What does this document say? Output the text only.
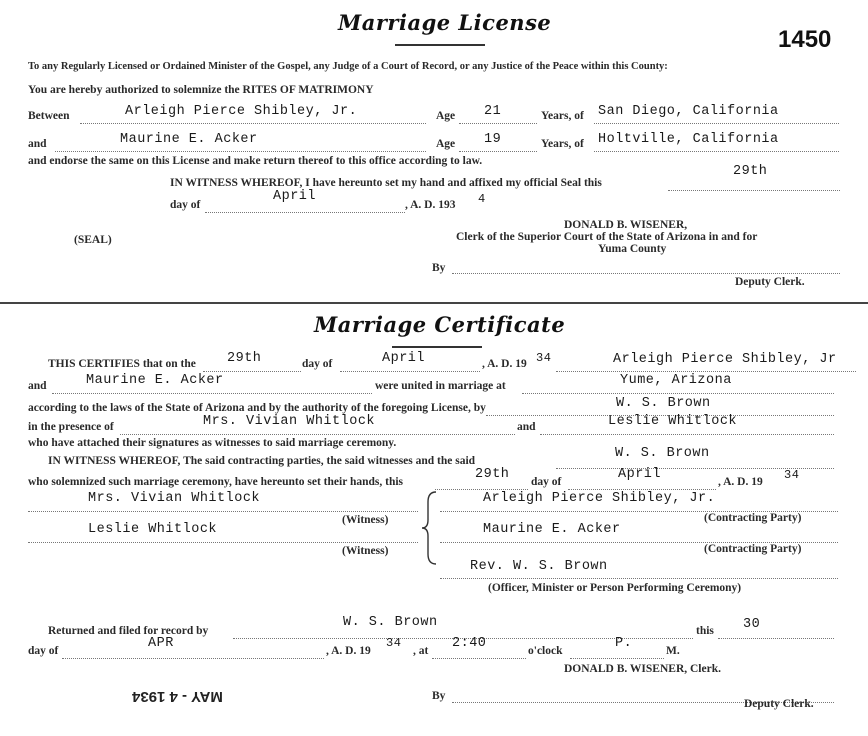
Marriage License
1450
To any Regularly Licensed or Ordained Minister of the Gospel, any Judge of a Court of Record, or any Justice of the Peace within this County:
You are hereby authorized to solemnize the RITES OF MATRIMONY
Between	Arleigh Pierce Shibley, Jr.	Age 21	Years, of San Diego, California
and	Maurine E. Acker	Age 19	Years, of Holtville, California
and endorse the same on this License and make return thereof to this office according to law.
IN WITNESS WHEREOF, I have hereunto set my hand and affixed my official Seal this
29th
day of
April
, A. D. 193 4
(SEAL)
DONALD B. WISENER,
Clerk of the Superior Court of the State of Arizona in and for
Yuma County
By
Deputy Clerk.
Marriage Certificate
THIS CERTIFIES that on the 29th	day of	April	, A. D. 19 34	Arleigh Pierce Shibley, Jr
and	Maurine E. Acker	were united in marriage at	Yume, Arizona
according to the laws of the State of Arizona and by the authority of the foregoing License, by	W. S. Brown
in the presence of	Mrs. Vivian Whitlock	and	Leslie Whitlock
who have attached their signatures as witnesses to said marriage ceremony.
IN WITNESS WHEREOF, The said contracting parties, the said witnesses and the said	W. S. Brown
who solemnized such marriage ceremony, have hereunto set their hands, this	29th day of	April	, A. D. 19 34
Mrs. Vivian Whitlock
(Witness)
Leslie Whitlock
(Witness)
Arleigh Pierce Shibley, Jr.
(Contracting Party)
Maurine E. Acker
(Contracting Party)
Rev. W. S. Brown
(Officer, Minister or Person Performing Ceremony)
Returned and filed for record by
W. S. Brown
this 30
day of	APR	, A. D. 19
34
, at 2:40	o'clock	P.	M.
DONALD B. WISENER, Clerk.
MAY - 4 1934	By
Deputy Clerk.
